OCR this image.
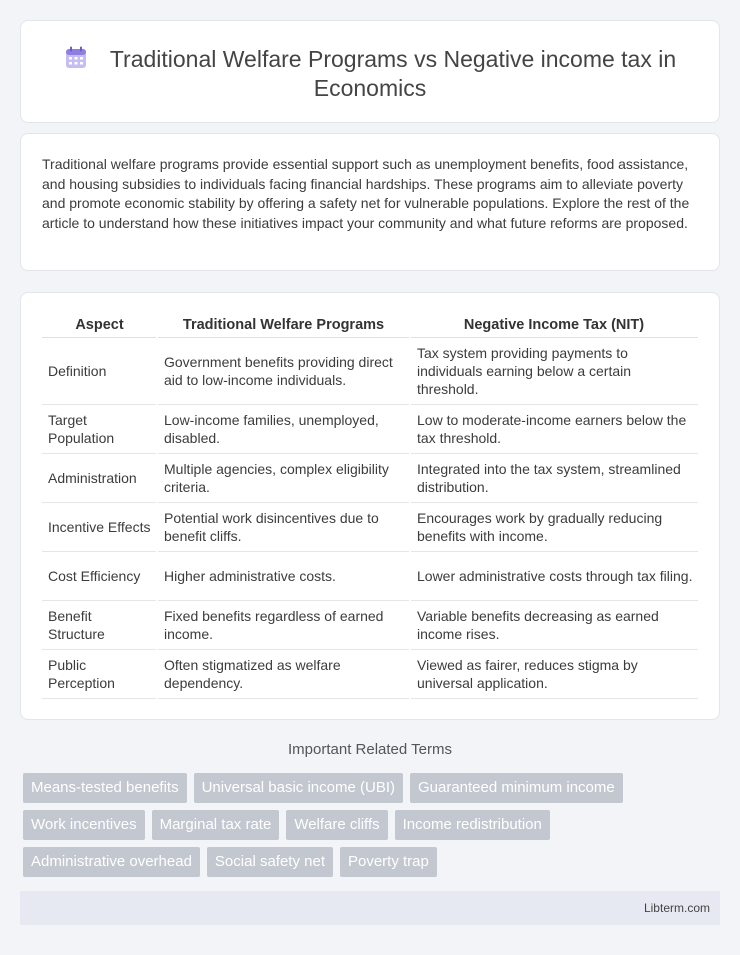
Traditional Welfare Programs vs Negative income tax in Economics

Traditional welfare programs provide essential support such as unemployment benefits, food assistance, and housing subsidies to individuals facing financial hardships. These programs aim to alleviate poverty and promote economic stability by offering a safety net for vulnerable populations. Explore the rest of the article to understand how these initiatives impact your community and what future reforms are proposed.

Aspect	Traditional Welfare Programs	Negative Income Tax (NIT)
Definition	Government benefits providing direct aid to low-income individuals.	Tax system providing payments to individuals earning below a certain threshold.
Target Population	Low-income families, unemployed, disabled.	Low to moderate-income earners below the tax threshold.
Administration	Multiple agencies, complex eligibility criteria.	Integrated into the tax system, streamlined distribution.
Incentive Effects	Potential work disincentives due to benefit cliffs.	Encourages work by gradually reducing benefits with income.
Cost Efficiency	Higher administrative costs.	Lower administrative costs through tax filing.
Benefit Structure	Fixed benefits regardless of earned income.	Variable benefits decreasing as earned income rises.
Public Perception	Often stigmatized as welfare dependency.	Viewed as fairer, reduces stigma by universal application.
Important Related Terms
Means-tested benefits	Universal basic income (UBI)	Guaranteed minimum income
Work incentives	Marginal tax rate	Welfare cliffs	Income redistribution
Administrative overhead	Social safety net	Poverty trap
Libterm.com
